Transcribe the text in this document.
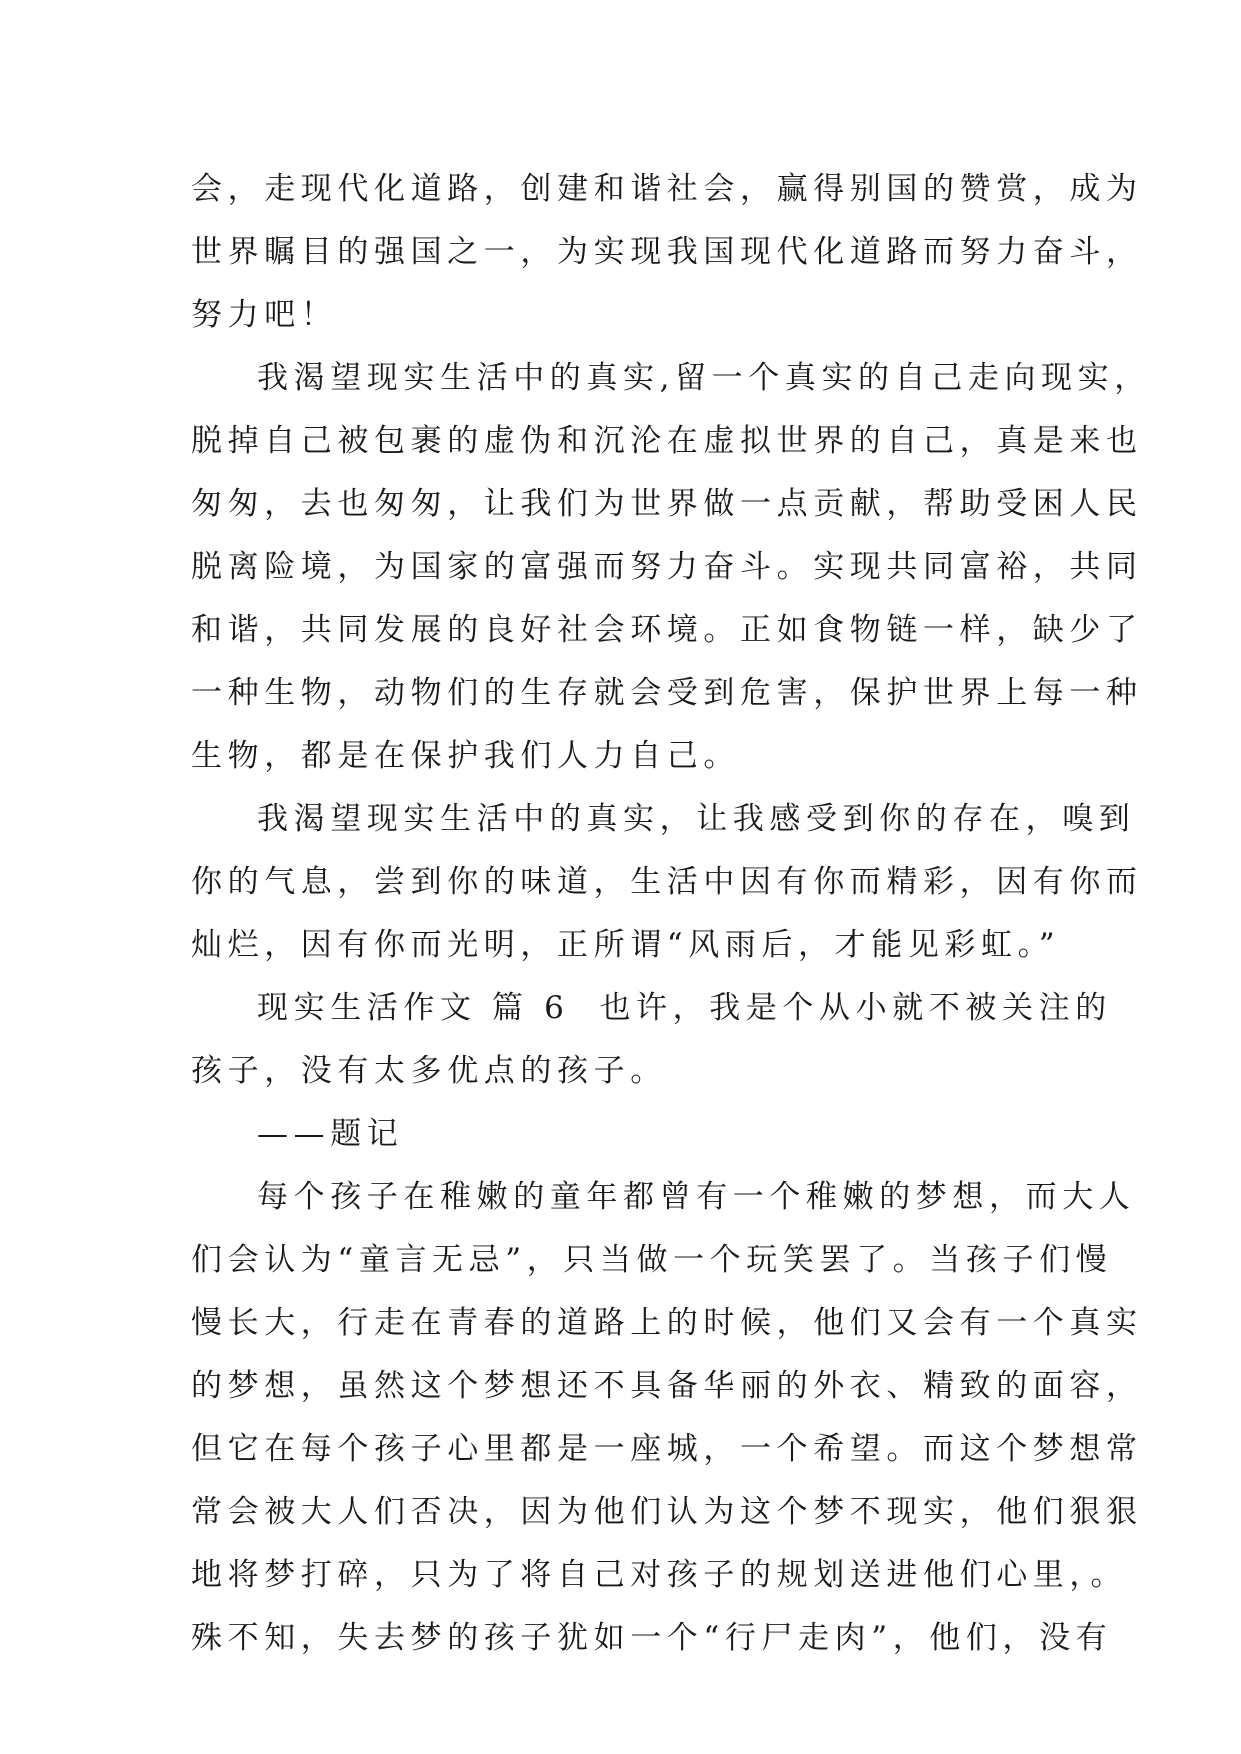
会，走现代化道路，创建和谐社会，赢得别国的赞赏，成为
世界瞩目的强国之一，为实现我国现代化道路而努力奋斗，
努力吧！
我渴望现实生活中的真实,留一个真实的自己走向现实，
脱掉自己被包裹的虚伪和沉沦在虚拟世界的自己，真是来也
匆匆，去也匆匆，让我们为世界做一点贡献，帮助受困人民
脱离险境，为国家的富强而努力奋斗。实现共同富裕，共同
和谐，共同发展的良好社会环境。正如食物链一样，缺少了
一种生物，动物们的生存就会受到危害，保护世界上每一种
生物，都是在保护我们人力自己。
我渴望现实生活中的真实，让我感受到你的存在，嗅到
你的气息，尝到你的味道，生活中因有你而精彩，因有你而
灿烂，因有你而光明，正所谓“风雨后，才能见彩虹。”
现实生活作文 篇 6 也许，我是个从小就不被关注的
孩子，没有太多优点的孩子。
——题记
每个孩子在稚嫩的童年都曾有一个稚嫩的梦想，而大人
们会认为“童言无忌”，只当做一个玩笑罢了。当孩子们慢
慢长大，行走在青春的道路上的时候，他们又会有一个真实
的梦想，虽然这个梦想还不具备华丽的外衣、精致的面容，
但它在每个孩子心里都是一座城，一个希望。而这个梦想常
常会被大人们否决，因为他们认为这个梦不现实，他们狠狠
地将梦打碎，只为了将自己对孩子的规划送进他们心里，。
殊不知，失去梦的孩子犹如一个“行尸走肉”，他们，没有
